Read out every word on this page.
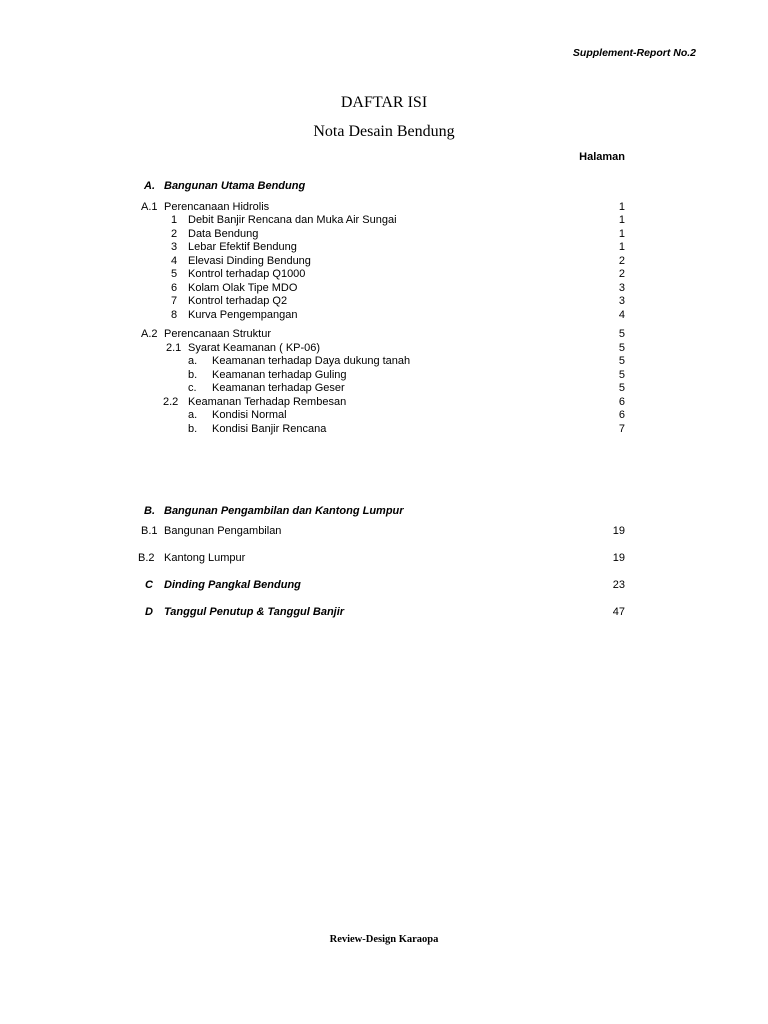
Supplement-Report No.2
DAFTAR ISI
Nota Desain Bendung
Halaman
A. Bangunan Utama Bendung
A.1 Perencanaan Hidrolis	1
1 Debit Banjir Rencana dan Muka Air Sungai	1
2 Data Bendung	1
3 Lebar Efektif Bendung	1
4 Elevasi Dinding Bendung	2
5 Kontrol terhadap Q1000	2
6 Kolam Olak Tipe MDO	3
7 Kontrol terhadap Q2	3
8 Kurva Pengempangan	4
A.2 Perencanaan Struktur	5
2.1 Syarat Keamanan ( KP-06)	5
a. Keamanan terhadap Daya dukung tanah	5
b. Keamanan terhadap Guling	5
c. Keamanan terhadap Geser	5
2.2 Keamanan Terhadap Rembesan	6
a. Kondisi Normal	6
b. Kondisi Banjir Rencana	7
B. Bangunan Pengambilan dan Kantong Lumpur
B.1 Bangunan Pengambilan	19
B.2 Kantong Lumpur	19
C Dinding Pangkal Bendung	23
D Tanggul Penutup & Tanggul Banjir	47
Review-Design Karaopa
